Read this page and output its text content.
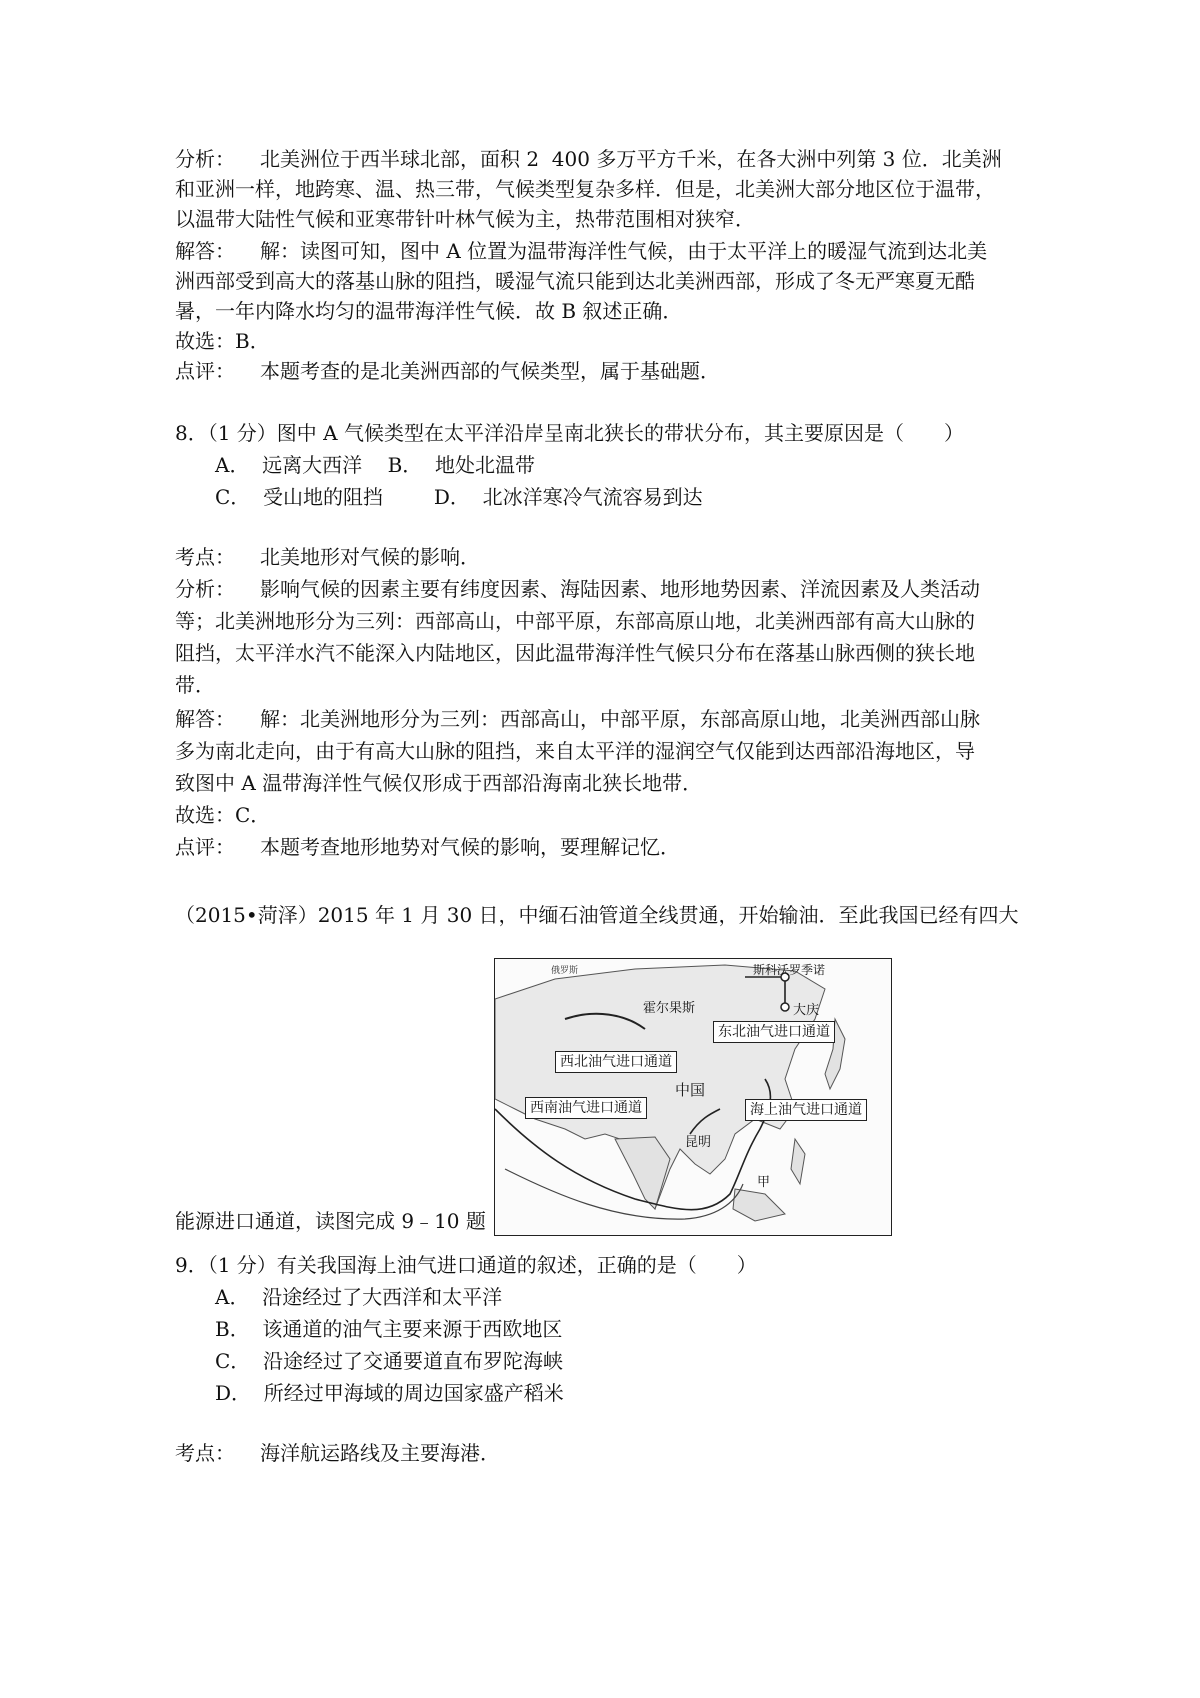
分析： 北美洲位于西半球北部，面积 2  400 多万平方千米，在各大洲中列第 3 位．北美洲
和亚洲一样，地跨寒、温、热三带，气候类型复杂多样．但是，北美洲大部分地区位于温带，
以温带大陆性气候和亚寒带针叶林气候为主，热带范围相对狭窄．
解答： 解：读图可知，图中 A 位置为温带海洋性气候，由于太平洋上的暖湿气流到达北美
洲西部受到高大的落基山脉的阻挡，暖湿气流只能到达北美洲西部，形成了冬无严寒夏无酷
暑，一年内降水均匀的温带海洋性气候．故 B 叙述正确．
故选：B．
点评： 本题考查的是北美洲西部的气候类型，属于基础题．
8．（1 分）图中 A 气候类型在太平洋沿岸呈南北狭长的带状分布，其主要原因是（　　）
A．  远离大西洋    B．  地处北温带
C．  受山地的阻挡        D．  北冰洋寒冷气流容易到达
考点： 北美地形对气候的影响．
分析： 影响气候的因素主要有纬度因素、海陆因素、地形地势因素、洋流因素及人类活动
等；北美洲地形分为三列：西部高山，中部平原，东部高原山地，北美洲西部有高大山脉的
阻挡，太平洋水汽不能深入内陆地区，因此温带海洋性气候只分布在落基山脉西侧的狭长地
带．
解答： 解：北美洲地形分为三列：西部高山，中部平原，东部高原山地，北美洲西部山脉
多为南北走向，由于有高大山脉的阻挡，来自太平洋的湿润空气仅能到达西部沿海地区，导
致图中 A 温带海洋性气候仅形成于西部沿海南北狭长地带．
故选：C．
点评： 本题考查地形地势对气候的影响，要理解记忆．
（2015•菏泽）2015 年 1 月 30 日，中缅石油管道全线贯通，开始输油．至此我国已经有四大
俄罗斯	斯科沃罗季诺
大庆
霍尔果斯
东北油气进口通道
西北油气进口通道
中国
西南油气进口通道	海上油气进口通道
昆明
甲
能源进口通道，读图完成 9﹣10 题
9．（1 分）有关我国海上油气进口通道的叙述，正确的是（　　）
A．  沿途经过了大西洋和太平洋
B．  该通道的油气主要来源于西欧地区
C．  沿途经过了交通要道直布罗陀海峡
D．  所经过甲海域的周边国家盛产稻米
考点： 海洋航运路线及主要海港．
